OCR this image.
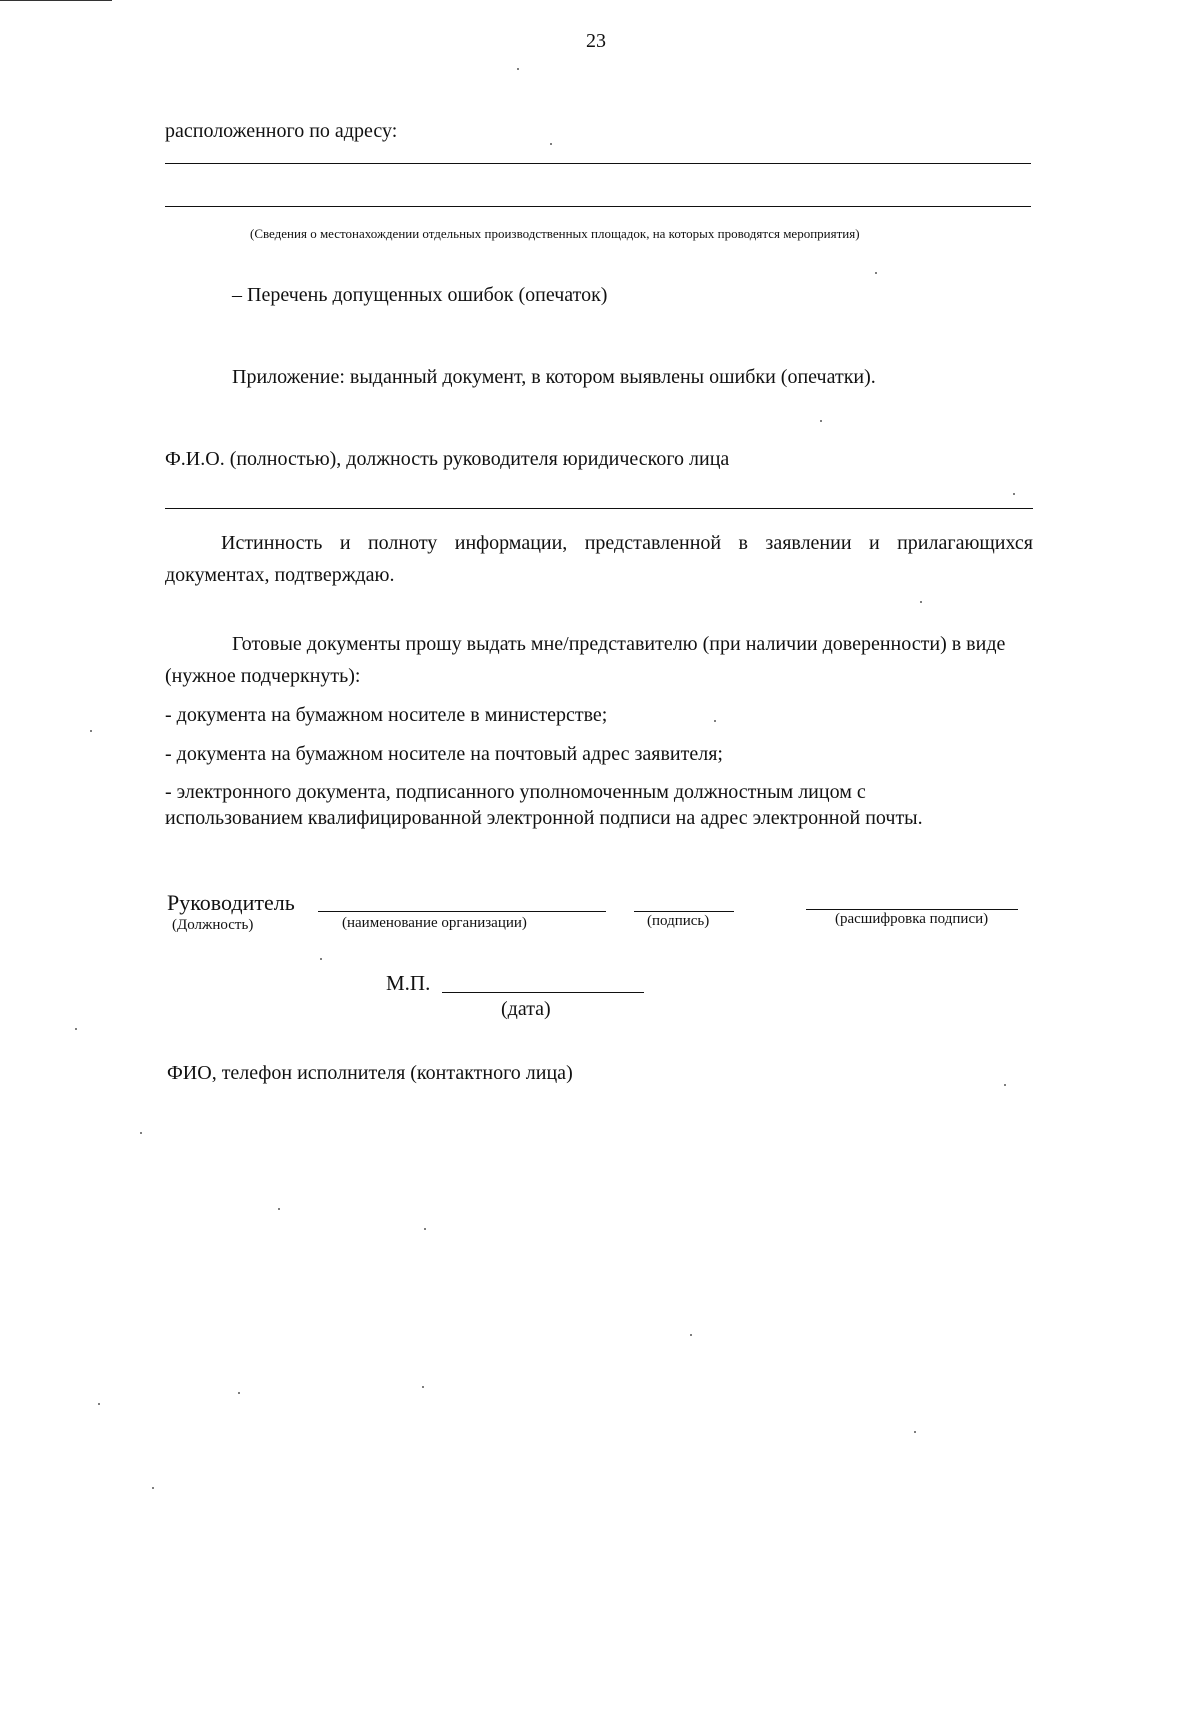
23
расположенного по адресу:
(Сведения о местонахождении отдельных производственных площадок, на которых проводятся мероприятия)
– Перечень допущенных ошибок (опечаток)
Приложение: выданный документ, в котором выявлены ошибки (опечатки).
Ф.И.О. (полностью), должность руководителя юридического лица
Истинность и полноту информации, представленной в заявлении и прилагающихся документах, подтверждаю.
Готовые документы прошу выдать мне/представителю (при наличии доверенности) в виде
(нужное подчеркнуть):
- документа на бумажном носителе в министерстве;
- документа на бумажном носителе на почтовый адрес заявителя;
- электронного документа, подписанного уполномоченным должностным лицом с
использованием квалифицированной электронной подписи на адрес электронной почты.
Руководитель
(Должность)	(наименование организации)	(подпись)	(расшифровка подписи)
М.П.
(дата)
ФИО, телефон исполнителя (контактного лица)
